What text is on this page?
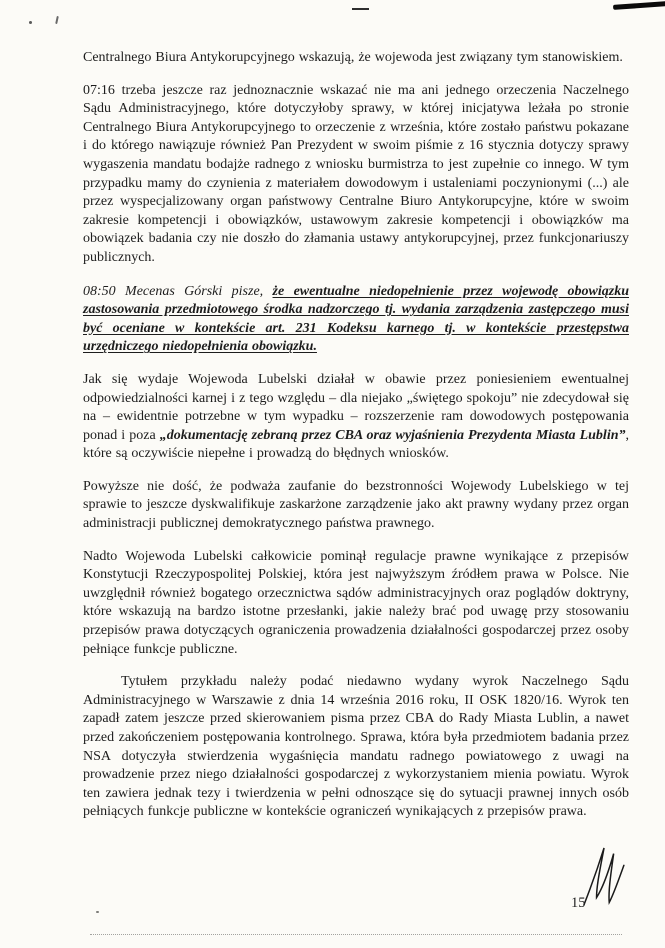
Centralnego Biura Antykorupcyjnego wskazują, że wojewoda jest związany tym stanowiskiem.

07:16 trzeba jeszcze raz jednoznacznie wskazać nie ma ani jednego orzeczenia Naczelnego Sądu Administracyjnego, które dotyczyłoby sprawy, w której inicjatywa leżała po stronie Centralnego Biura Antykorupcyjnego to orzeczenie z września, które zostało państwu pokazane i do którego nawiązuje również Pan Prezydent w swoim piśmie z 16 stycznia dotyczy sprawy wygaszenia mandatu bodajże radnego z wniosku burmistrza to jest zupełnie co innego. W tym przypadku mamy do czynienia z materiałem dowodowym i ustaleniami poczynionymi (...) ale przez wyspecjalizowany organ państwowy Centralne Biuro Antykorupcyjne, które w swoim zakresie kompetencji i obowiązków, ustawowym zakresie kompetencji i obowiązków ma obowiązek badania czy nie doszło do złamania ustawy antykorupcyjnej, przez funkcjonariuszy publicznych.

08:50 Mecenas Górski pisze, że ewentualne niedopełnienie przez wojewodę obowiązku zastosowania przedmiotowego środka nadzorczego tj. wydania zarządzenia zastępczego musi być oceniane w kontekście art. 231 Kodeksu karnego tj. w kontekście przestępstwa urzędniczego niedopełnienia obowiązku.

Jak się wydaje Wojewoda Lubelski działał w obawie przez poniesieniem ewentualnej odpowiedzialności karnej i z tego względu – dla niejako „świętego spokoju” nie zdecydował się na – ewidentnie potrzebne w tym wypadku – rozszerzenie ram dowodowych postępowania ponad i poza „dokumentację zebraną przez CBA oraz wyjaśnienia Prezydenta Miasta Lublin”, które są oczywiście niepełne i prowadzą do błędnych wniosków.

Powyższe nie dość, że podważa zaufanie do bezstronności Wojewody Lubelskiego w tej sprawie to jeszcze dyskwalifikuje zaskarżone zarządzenie jako akt prawny wydany przez organ administracji publicznej demokratycznego państwa prawnego.

Nadto Wojewoda Lubelski całkowicie pominął regulacje prawne wynikające z przepisów Konstytucji Rzeczypospolitej Polskiej, która jest najwyższym źródłem prawa w Polsce. Nie uwzględnił również bogatego orzecznictwa sądów administracyjnych oraz poglądów doktryny, które wskazują na bardzo istotne przesłanki, jakie należy brać pod uwagę przy stosowaniu przepisów prawa dotyczących ograniczenia prowadzenia działalności gospodarczej przez osoby pełniące funkcje publiczne.

Tytułem przykładu należy podać niedawno wydany wyrok Naczelnego Sądu Administracyjnego w Warszawie z dnia 14 września 2016 roku, II OSK 1820/16. Wyrok ten zapadł zatem jeszcze przed skierowaniem pisma przez CBA do Rady Miasta Lublin, a nawet przed zakończeniem postępowania kontrolnego. Sprawa, która była przedmiotem badania przez NSA dotyczyła stwierdzenia wygaśnięcia mandatu radnego powiatowego z uwagi na prowadzenie przez niego działalności gospodarczej z wykorzystaniem mienia powiatu. Wyrok ten zawiera jednak tezy i twierdzenia w pełni odnoszące się do sytuacji prawnej innych osób pełniących funkcje publiczne w kontekście ograniczeń wynikających z przepisów prawa.

15
